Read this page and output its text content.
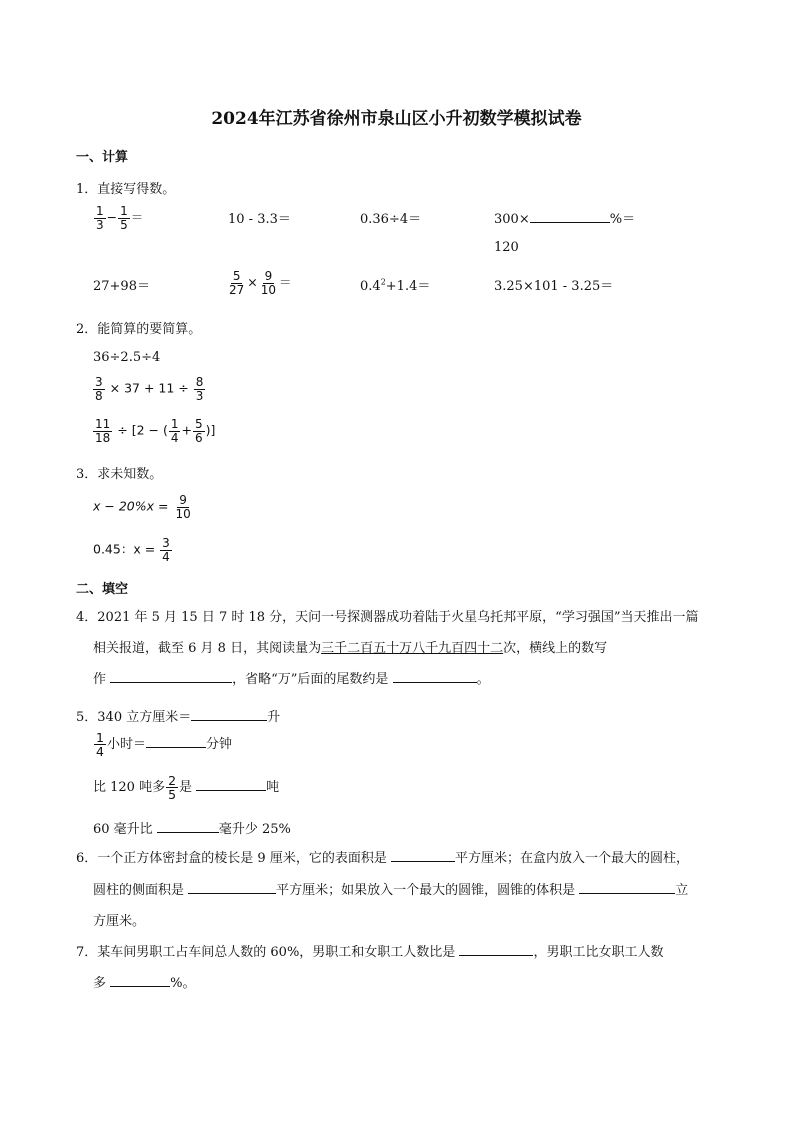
2024年江苏省徐州市泉山区小升初数学模拟试卷
一、计算
1．直接写得数。
$\frac{1}{3} - \frac{1}{5}$ ＝	10 - 3.3＝	0.36÷4＝	300×	%＝
120
27+98＝	$\frac{5}{27} \times \frac{9}{10}$ ＝	$0.4^2+1.4=$	3.25×101 - 3.25＝
2．能简算的要简算。
36÷2.5÷4
$\frac{3}{8} \times 37 + 11 \div \frac{8}{3}$
$\frac{11}{18} \div [2$ − ( $\frac{1}{4} + \frac{5}{6}$ )]
3．求未知数。
$x - 20\%x = \frac{9}{10}$
0.45：$x = \frac{3}{4}$
二、填空
4．2021 年 5 月 15 日 7 时 18 分，天问一号探测器成功着陆于火星乌托邦平原，“学习强国”当天推出一篇
相关报道，截至 6 月 8 日，其阅读量为三千二百五十万八千九百四十二次，横线上的数写
作	，省略“万”后面的尾数约是	。
5．340 立方厘米＝	升
$\frac{1}{4}$ 小时＝	分钟
比 120 吨多 $\frac{2}{5}$ 是	吨
60 毫升比	毫升少 25%
6．一个正方体密封盒的棱长是 9 厘米，它的表面积是	平方厘米；在盒内放入一个最大的圆柱，
圆柱的侧面积是	平方厘米；如果放入一个最大的圆锥，圆锥的体积是	立
方厘米。
7．某车间男职工占车间总人数的 60%，男职工和女职工人数比是	，男职工比女职工人数
多	%。
